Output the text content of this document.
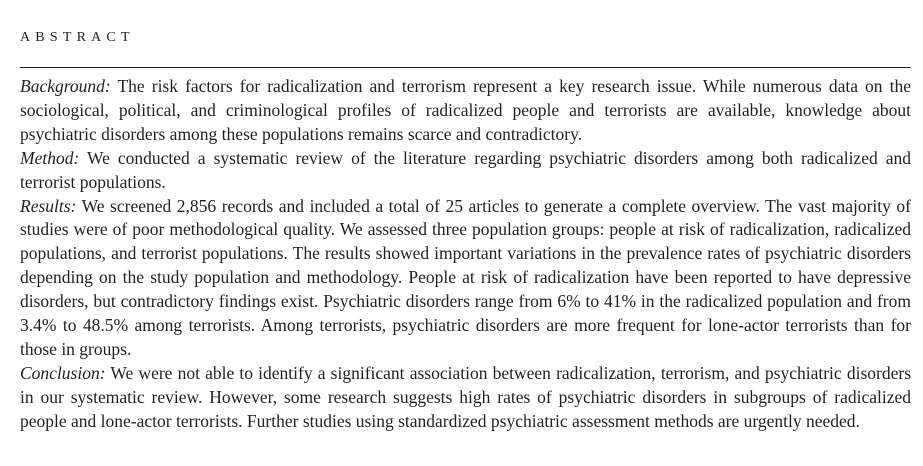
ABSTRACT

Background: The risk factors for radicalization and terrorism represent a key research issue. While numerous data on the sociological, political, and criminological profiles of radicalized people and terrorists are available, knowledge about psychiatric disorders among these populations remains scarce and contradictory.

Method: We conducted a systematic review of the literature regarding psychiatric disorders among both radicalized and terrorist populations.

Results: We screened 2,856 records and included a total of 25 articles to generate a complete overview. The vast majority of studies were of poor methodological quality. We assessed three population groups: people at risk of radicalization, radicalized populations, and terrorist populations. The results showed important variations in the prevalence rates of psychiatric disorders depending on the study population and methodology. People at risk of radicalization have been reported to have depressive disorders, but contradictory findings exist. Psychiatric disorders range from 6% to 41% in the radicalized population and from 3.4% to 48.5% among terrorists. Among terrorists, psychiatric disorders are more frequent for lone-actor terrorists than for those in groups.

Conclusion: We were not able to identify a significant association between radicalization, terrorism, and psychiatric disorders in our systematic review. However, some research suggests high rates of psychiatric disorders in subgroups of radicalized people and lone-actor terrorists. Further studies using standardized psychiatric assessment methods are urgently needed.
